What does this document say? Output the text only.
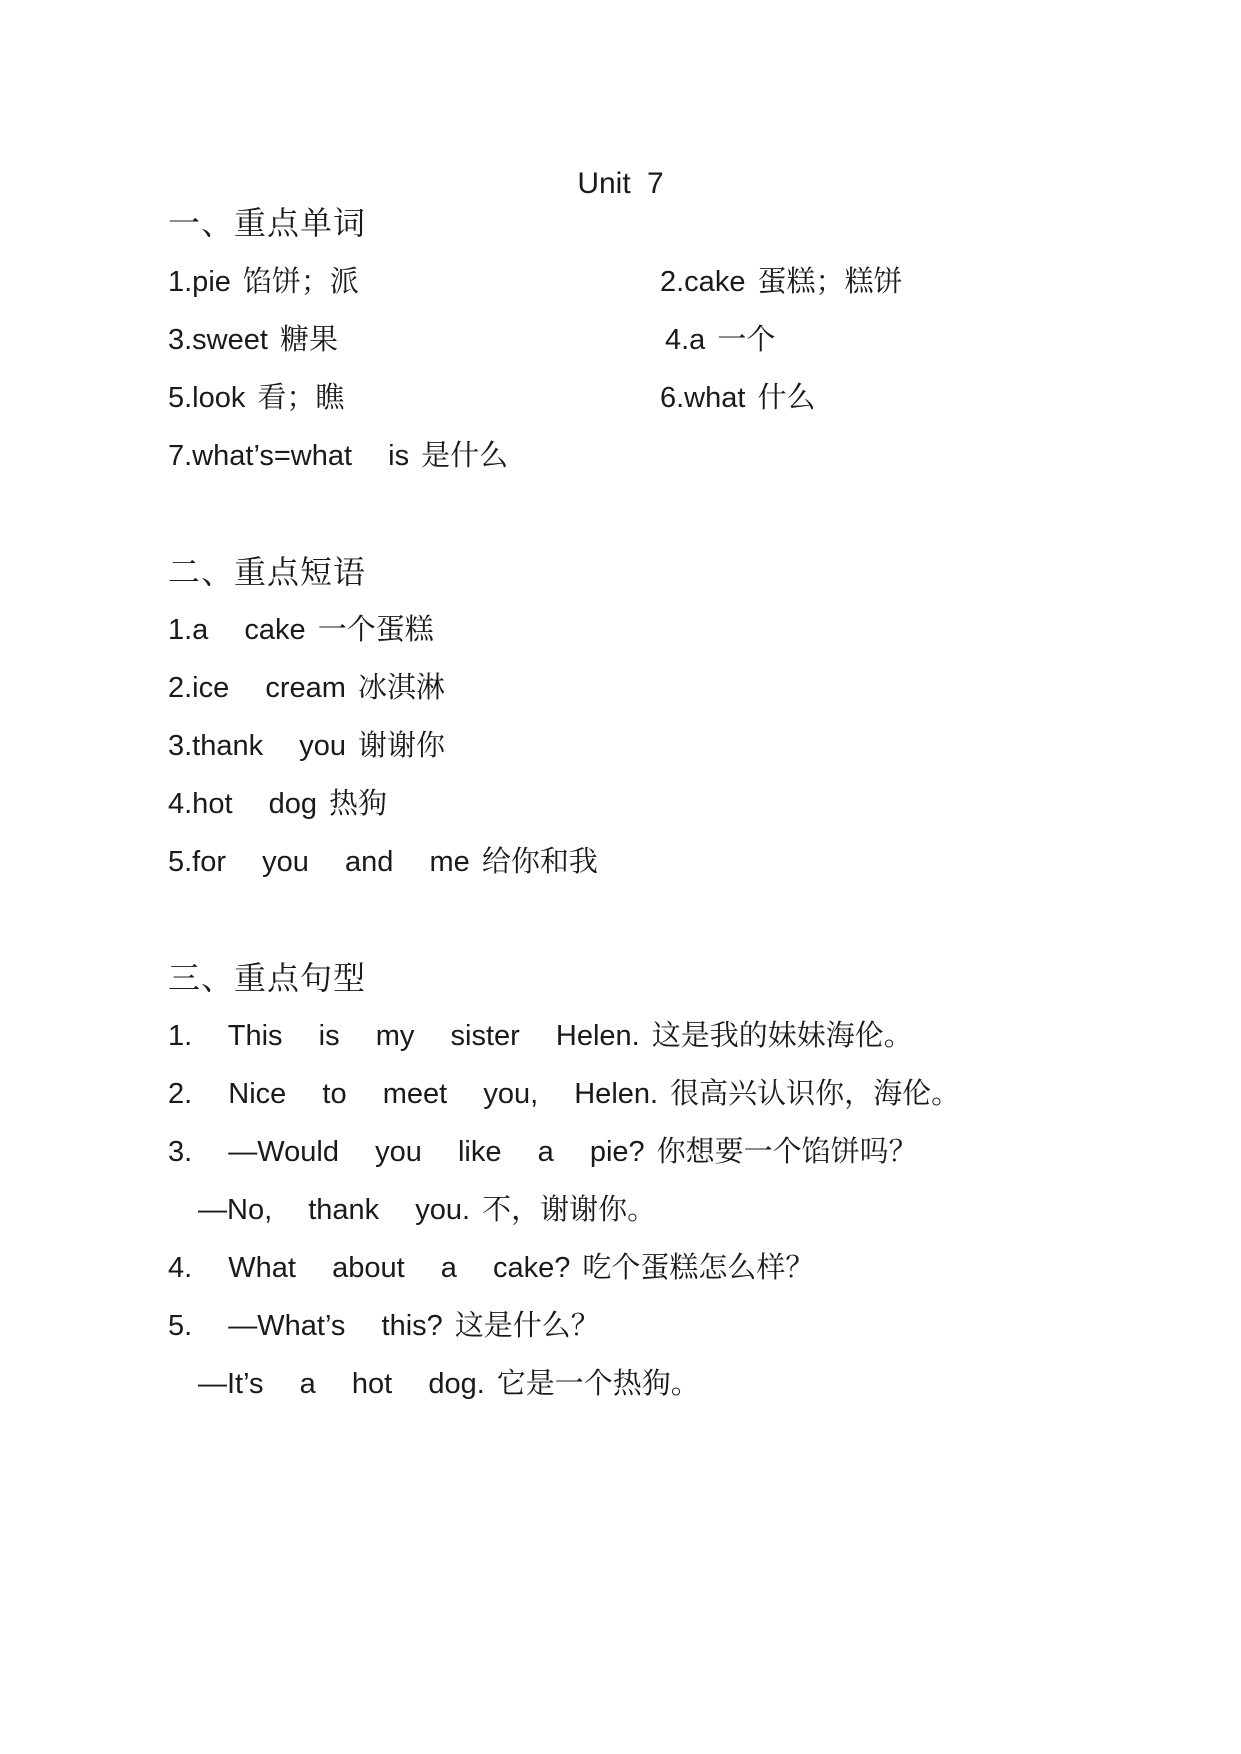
Unit 7
一、重点单词
1.pie 馅饼；派	2.cake 蛋糕；糕饼
3.sweet 糖果	4.a 一个
5.look 看；瞧	6.what 什么
7.what’s=what  is 是什么
二、重点短语
1.a  cake 一个蛋糕
2.ice  cream 冰淇淋
3.thank  you 谢谢你
4.hot  dog 热狗
5.for  you  and  me 给你和我
三、重点句型
1.  This  is  my  sister  Helen. 这是我的妹妹海伦。
2.  Nice  to  meet  you,  Helen. 很高兴认识你，海伦。
3.  —Would  you  like  a  pie? 你想要一个馅饼吗？
—No,  thank  you. 不，谢谢你。
4.  What  about  a  cake? 吃个蛋糕怎么样？
5.  —What’s  this? 这是什么？
—It’s  a  hot  dog. 它是一个热狗。
